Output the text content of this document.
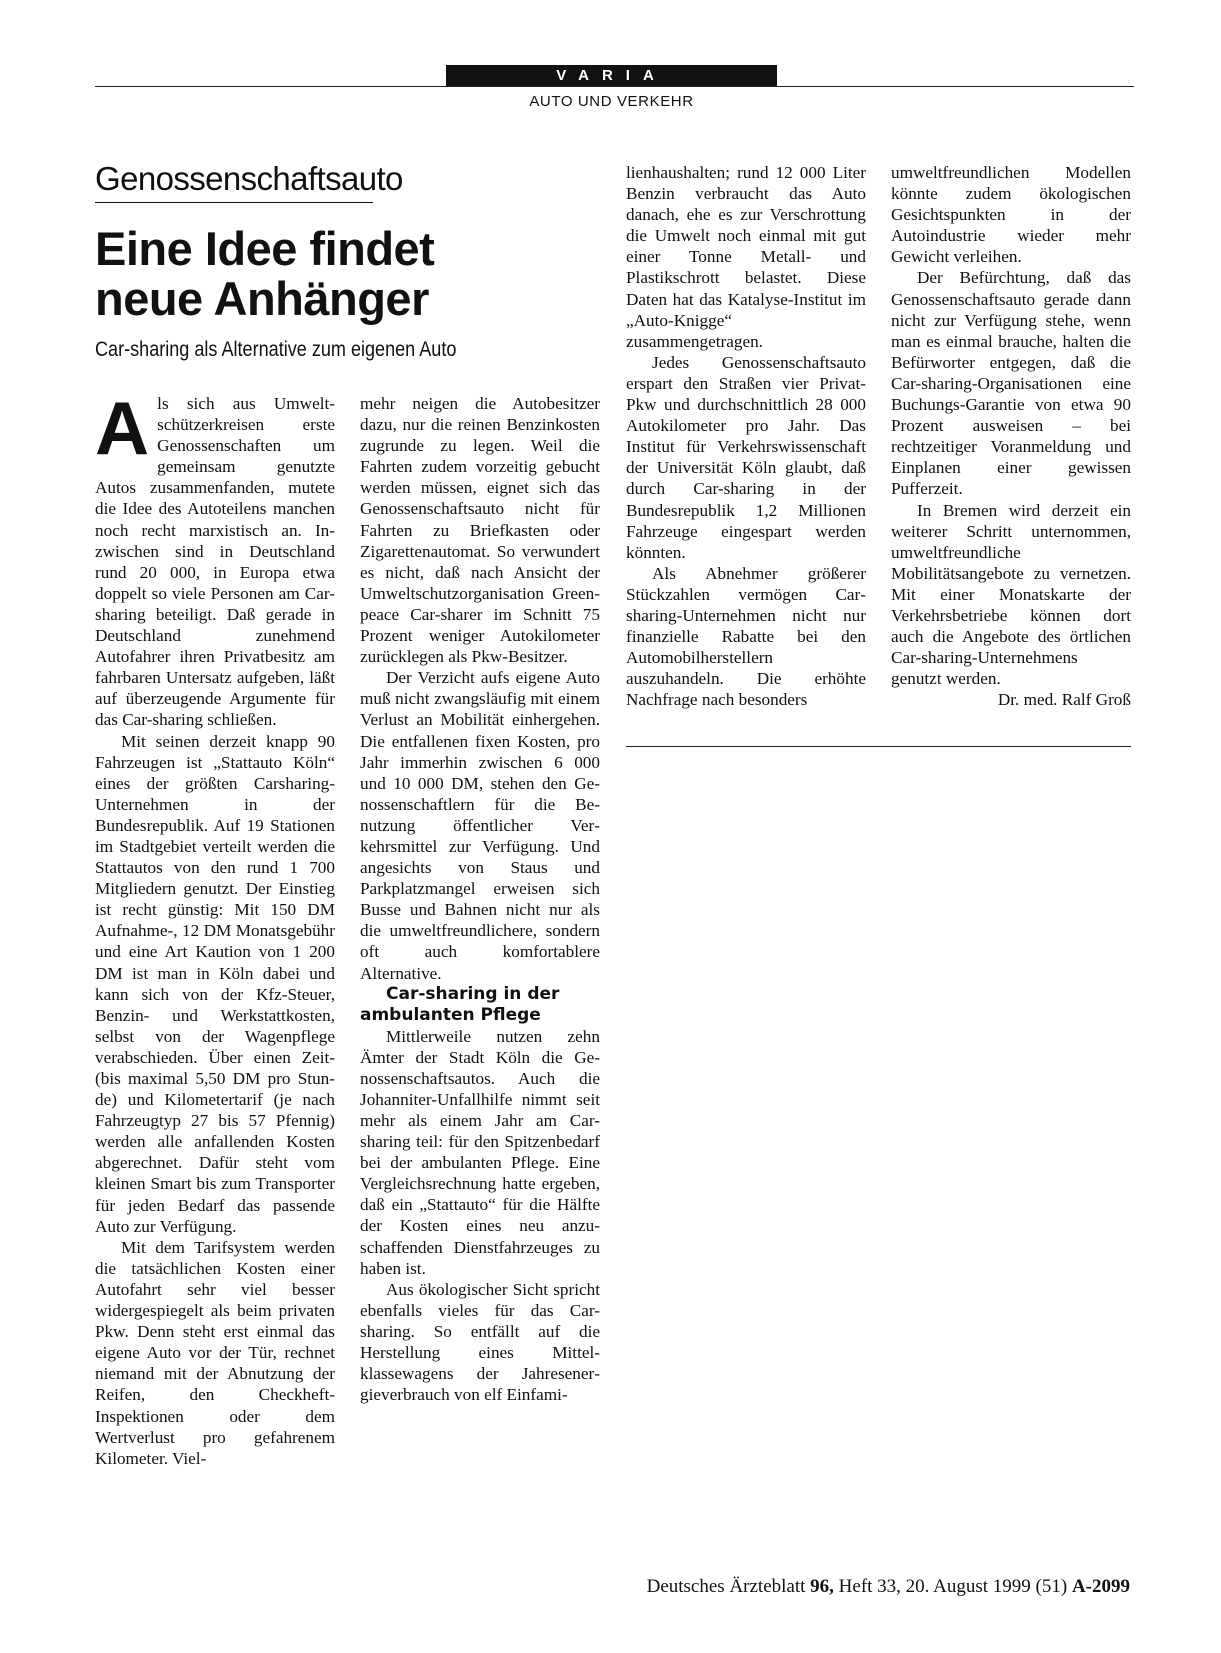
VARIA
AUTO UND VERKEHR
Genossenschaftsauto
Eine Idee findet
neue Anhänger
Car-sharing als Alternative zum eigenen Auto

Als sich aus Umweltschützerkreisen erste Genossenschaften um gemeinsam genutzte Autos zusammenfanden, mutete die Idee des Autoteilens manchen noch recht marxistisch an. Inzwischen sind in Deutschland rund 20 000, in Europa etwa doppelt so viele Personen am Car-sharing beteiligt. Daß gerade in Deutschland zunehmend Autofahrer ihren Privatbesitz am fahrbaren Untersatz aufgeben, läßt auf überzeugende Argumente für das Car-sharing schließen.

Mit seinen derzeit knapp 90 Fahrzeugen ist „Stattauto Köln“ eines der größten Carsharing-Unternehmen in der Bundesrepublik. Auf 19 Stationen im Stadtgebiet verteilt werden die Stattautos von den rund 1 700 Mitgliedern genutzt. Der Einstieg ist recht günstig: Mit 150 DM Aufnahme-, 12 DM Monatsgebühr und eine Art Kaution von 1 200 DM ist man in Köln dabei und kann sich von der Kfz-Steuer, Benzin- und Werkstattkosten, selbst von der Wagenpflege verabschieden. Über einen Zeit- (bis maximal 5,50 DM pro Stunde) und Kilometertarif (je nach Fahrzeugtyp 27 bis 57 Pfennig) werden alle anfallenden Kosten abgerechnet. Dafür steht vom kleinen Smart bis zum Transporter für jeden Bedarf das passende Auto zur Verfügung.

Mit dem Tarifsystem werden die tatsächlichen Kosten einer Autofahrt sehr viel besser widergespiegelt als beim privaten Pkw. Denn steht erst einmal das eigene Auto vor der Tür, rechnet niemand mit der Abnutzung der Reifen, den Checkheft-Inspektionen oder dem Wertverlust pro gefahrenem Kilometer. Viel-

mehr neigen die Autobesitzer dazu, nur die reinen Benzinkosten zugrunde zu legen. Weil die Fahrten zudem vorzeitig gebucht werden müssen, eignet sich das Genossenschaftsauto nicht für Fahrten zu Briefkasten oder Zigarettenautomat. So verwundert es nicht, daß nach Ansicht der Umweltschutzorganisation Greenpeace Car-sharer im Schnitt 75 Prozent weniger Autokilometer zurücklegen als Pkw-Besitzer.

Der Verzicht aufs eigene Auto muß nicht zwangsläufig mit einem Verlust an Mobilität einhergehen. Die entfallenen fixen Kosten, pro Jahr immerhin zwischen 6 000 und 10 000 DM, stehen den Genossenschaftlern für die Benutzung öffentlicher Verkehrsmittel zur Verfügung. Und angesichts von Staus und Parkplatzmangel erweisen sich Busse und Bahnen nicht nur als die umweltfreundlichere, sondern oft auch komfortablere Alternative.

Car-sharing in der ambulanten Pflege

Mittlerweile nutzen zehn Ämter der Stadt Köln die Genossenschaftsautos. Auch die Johanniter-Unfallhilfe nimmt seit mehr als einem Jahr am Car-sharing teil: für den Spitzenbedarf bei der ambulanten Pflege. Eine Vergleichsrechnung hatte ergeben, daß ein „Stattauto“ für die Hälfte der Kosten eines neu anzuschaffenden Dienstfahrzeuges zu haben ist.

Aus ökologischer Sicht spricht ebenfalls vieles für das Car-sharing. So entfällt auf die Herstellung eines Mittelklassewagens der Jahresenergieverbrauch von elf Einfami-

lienhaushalten; rund 12 000 Liter Benzin verbraucht das Auto danach, ehe es zur Verschrottung die Umwelt noch einmal mit gut einer Tonne Metall- und Plastikschrott belastet. Diese Daten hat das Katalyse-Institut im „Auto-Knigge“ zusammengetragen.

Jedes Genossenschaftsauto erspart den Straßen vier Privat-Pkw und durchschnittlich 28 000 Autokilometer pro Jahr. Das Institut für Verkehrswissenschaft der Universität Köln glaubt, daß durch Car-sharing in der Bundesrepublik 1,2 Millionen Fahrzeuge eingespart werden könnten.

Als Abnehmer größerer Stückzahlen vermögen Carsharing-Unternehmen nicht nur finanzielle Rabatte bei den Automobilherstellern auszuhandeln. Die erhöhte Nachfrage nach besonders

umweltfreundlichen Modellen könnte zudem ökologischen Gesichtspunkten in der Autoindustrie wieder mehr Gewicht verleihen.

Der Befürchtung, daß das Genossenschaftsauto gerade dann nicht zur Verfügung stehe, wenn man es einmal brauche, halten die Befürworter entgegen, daß die Car-sharing-Organisationen eine Buchungs-Garantie von etwa 90 Prozent ausweisen – bei rechtzeitiger Voranmeldung und Einplanen einer gewissen Pufferzeit.

In Bremen wird derzeit ein weiterer Schritt unternommen, umweltfreundliche Mobilitätsangebote zu vernetzen. Mit einer Monatskarte der Verkehrsbetriebe können dort auch die Angebote des örtlichen Car-sharing-Unternehmens genutzt werden.
Dr. med. Ralf Groß

Deutsches Ärzteblatt 96, Heft 33, 20. August 1999 (51) A-2099
